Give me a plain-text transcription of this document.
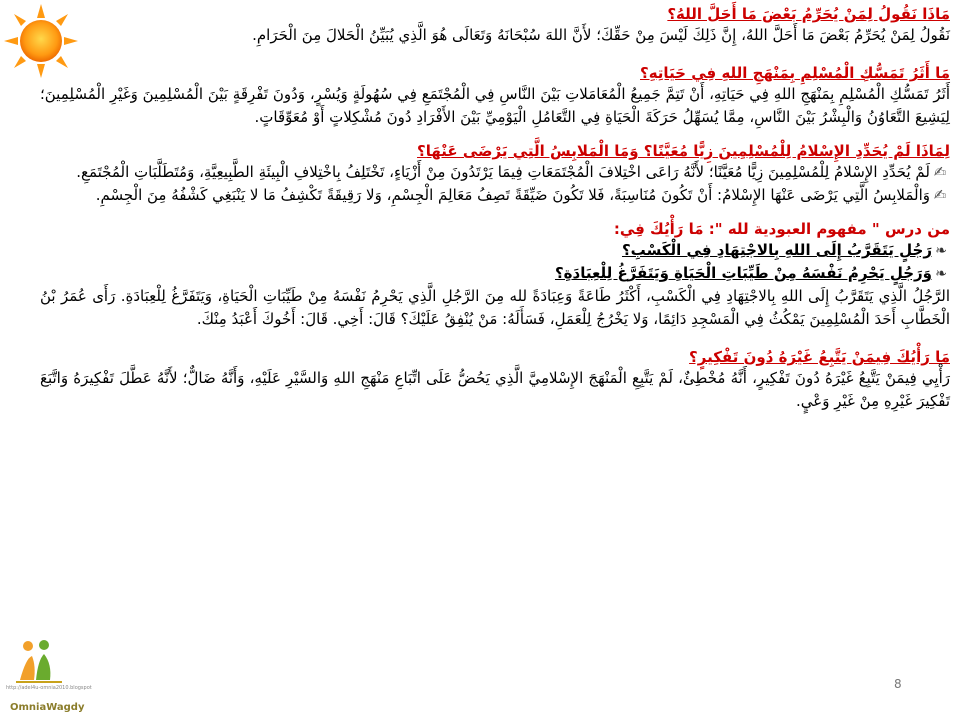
مَاذَا نَقُولُ لِمَنْ يُحَرِّمُ بَعْضَ مَا أَحَلَّ اللهُ؟

نَقُولُ لِمَنْ يُحَرِّمُ بَعْضَ مَا أَحَلَّ اللهُ، إِنَّ ذَلِكَ لَيْسَ مِنْ حَقِّكَ؛ لأَنَّ اللهَ سُبْحَانَهُ وَتَعَالَى هُوَ الَّذِي يُبَيِّنُ الْحَلالَ مِنَ الْحَرَامِ.

مَا أَثَرُ تَمَسُّكِ الْمُسْلِمِ بِمَنْهَجِ اللهِ فِي حَيَاتِهِ؟

أَثَرُ تَمَسُّكِ الْمُسْلِمِ بِمَنْهَجِ اللهِ فِي حَيَاتِهِ، أَنْ تَتِمَّ جَمِيعُ الْمُعَامَلاتِ بَيْنَ النَّاسِ فِي الْمُجْتَمَعِ فِي سُهُولَةٍ وَيُسْرٍ، وَدُونَ تَفْرِقَةٍ بَيْنَ الْمُسْلِمِينَ وَغَيْرِ الْمُسْلِمِينَ؛ لِيَشِيعَ التَّعَاوُنُ وَالْبِشْرُ بَيْنَ النَّاسِ، مِمَّا يُسَهِّلُ حَرَكَةَ الْحَيَاةِ فِي التَّعَامُلِ الْيَوْمِيِّ بَيْنَ الأَفْرَادِ دُونَ مُشْكِلاتٍ أَوْ مُعَوِّقَاتٍ.

لِمَاذَا لَمْ يُحَدِّدِ الإِسْلامُ لِلْمُسْلِمِينَ زِيًّا مُعَيَّنًا؟ وَمَا الْمَلابِسُ الَّتِي يَرْضَى عَنْهَا؟

✍لَمْ يُحَدِّدِ الإِسْلامُ لِلْمُسْلِمِينَ زِيًّا مُعَيَّنًا؛ لأَنَّهُ رَاعَى اخْتِلافَ الْمُجْتَمَعَاتِ فِيمَا يَرْتَدُونَ مِنْ أَزْيَاءٍ، تَخْتَلِفُ بِاخْتِلافِ الْبِيئَةِ الطَّبِيعِيَّةِ، وَمُتَطَلَّبَاتِ الْمُجْتَمَعِ.

✍وَالْمَلابِسُ الَّتِي يَرْضَى عَنْهَا الإِسْلامُ: أَنْ تَكُونَ مُنَاسِبَةً، فَلا تَكُونَ ضَيِّقَةً تَصِفُ مَعَالِمَ الْجِسْمِ، وَلا رَقِيقَةً تَكْشِفُ مَا لا يَنْبَغِي كَشْفُهُ مِنَ الْجِسْمِ.

من درس " مفهوم العبودية لله ": مَا رَأْيُكَ فِي:

❧رَجُلٍ يَتَقَرَّبُ إِلَى اللهِ بِالاجْتِهَادِ فِي الْكَسْبِ؟

❧وَرَجُلٍ يَحْرِمُ نَفْسَهُ مِنْ طَيِّبَاتِ الْحَيَاةِ وَيَتَفَرَّغُ لِلْعِبَادَةِ؟

الرَّجُلُ الَّذِي يَتَقَرَّبُ إِلَى اللهِ بِالاجْتِهَادِ فِي الْكَسْبِ، أَكْثَرُ طَاعَةً وَعِبَادَةً لله مِنَ الرَّجُلِ الَّذِي يَحْرِمُ نَفْسَهُ مِنْ طَيِّبَاتِ الْحَيَاةِ، وَيَتَفَرَّغُ لِلْعِبَادَةِ. رَأَى عُمَرُ بْنُ الْخَطَّابِ أَحَدَ الْمُسْلِمِينَ يَمْكُثُ فِي الْمَسْجِدِ دَائِمًا، وَلا يَخْرُجُ لِلْعَمَلِ، فَسَأَلَهُ: مَنْ يُنْفِقُ عَلَيْكَ؟ قَالَ: أَخِي. قَالَ: أَخُوكَ أَعْبَدُ مِنْكَ.

مَا رَأْيُكَ فِيمَنْ يَتَّبِعُ غَيْرَهُ دُونَ تَفْكِيرٍ؟

رَأْيِي فِيمَنْ يَتَّبِعُ غَيْرَهُ دُونَ تَفْكِيرٍ، أَنَّهُ مُخْطِئٌ، لَمْ يَتَّبِعِ الْمَنْهَجَ الإِسْلامِيَّ الَّذِي يَحُضُّ عَلَى اتِّبَاعِ مَنْهَجِ اللهِ وَالسَّيْرِ عَلَيْهِ، وَأَنَّهُ ضَالٌّ؛ لأَنَّهُ عَطَّلَ تَفْكِيرَهُ وَاتَّبَعَ تَفْكِيرَ غَيْرِهِ مِنْ غَيْرِ وَعْيٍ.

http://adel4u-omnia2010.blogspot
OmniaWagdy
8
